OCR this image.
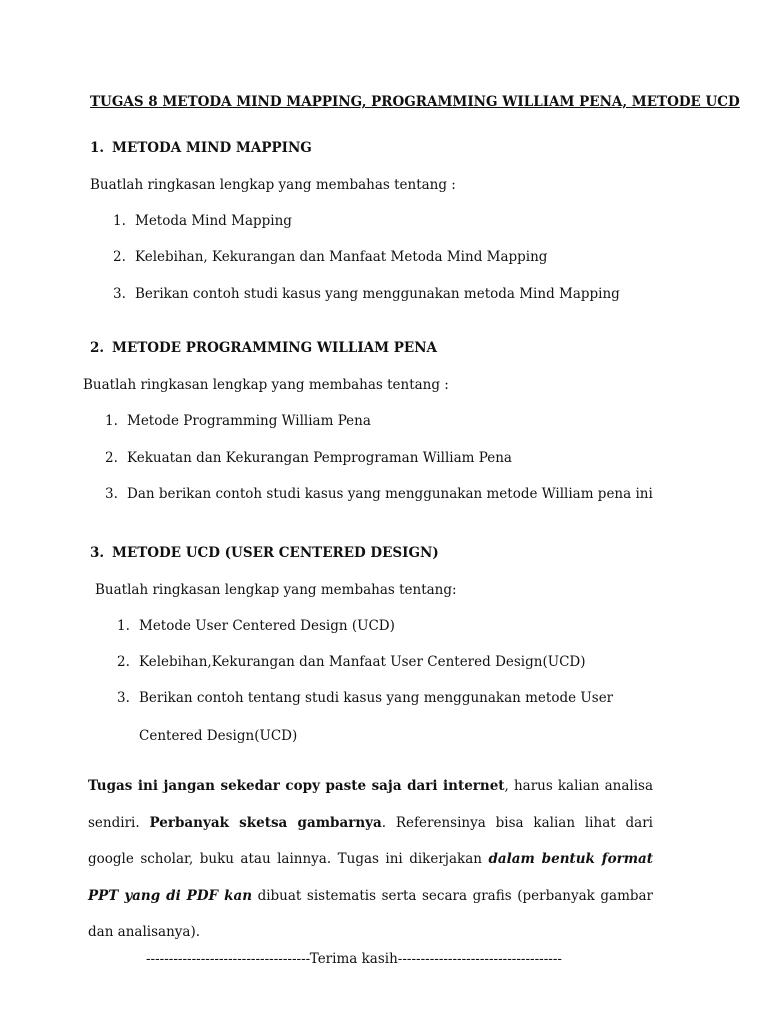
TUGAS 8 METODA MIND MAPPING, PROGRAMMING WILLIAM PENA, METODE UCD
1. METODA MIND MAPPING
Buatlah ringkasan lengkap yang membahas tentang :
1. Metoda Mind Mapping
2. Kelebihan, Kekurangan dan Manfaat Metoda Mind Mapping
3. Berikan contoh studi kasus yang menggunakan metoda Mind Mapping
2. METODE PROGRAMMING WILLIAM PENA
Buatlah ringkasan lengkap yang membahas tentang :
1. Metode Programming William Pena
2. Kekuatan dan Kekurangan Pemprograman William Pena
3. Dan berikan contoh studi kasus yang menggunakan metode William pena ini
3. METODE UCD (USER CENTERED DESIGN)
Buatlah ringkasan lengkap yang membahas tentang:
1. Metode User Centered Design (UCD)
2. Kelebihan,Kekurangan dan Manfaat User Centered Design(UCD)
3. Berikan contoh tentang studi kasus yang menggunakan metode User
Centered Design(UCD)
Tugas ini jangan sekedar copy paste saja dari internet, harus kalian analisa sendiri. Perbanyak sketsa gambarnya. Referensinya bisa kalian lihat dari google scholar, buku atau lainnya. Tugas ini dikerjakan dalam bentuk format PPT yang di PDF kan dibuat sistematis serta secara grafis (perbanyak gambar dan analisanya).
------------------------------------Terima kasih------------------------------------
